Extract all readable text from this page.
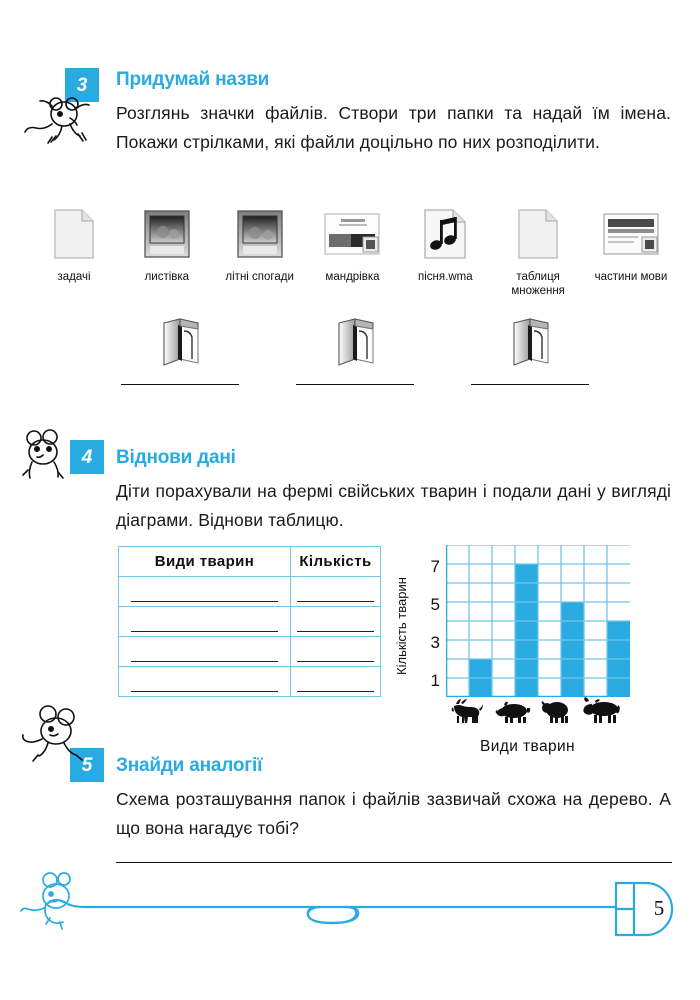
3	Придумай назви
Розглянь значки файлів. Створи три папки та надай їм імена. Покажи стрілками, які файли доцільно по них розподілити.
задачі	листівка	літні спогади	мандрівка	пісня.wma	таблиця множення
частини мови
4	Віднови дані
Діти порахували на фермі свійських тварин і подали дані у вигляді діаграми. Віднови таблицю.
Види тварин	Кількість

Кількість тварин
1
3
5
7
Види тварин
5	Знайди аналогії
Схема розташування папок і файлів зазвичай схожа на дерево. А що вона нагадує тобі?
5
